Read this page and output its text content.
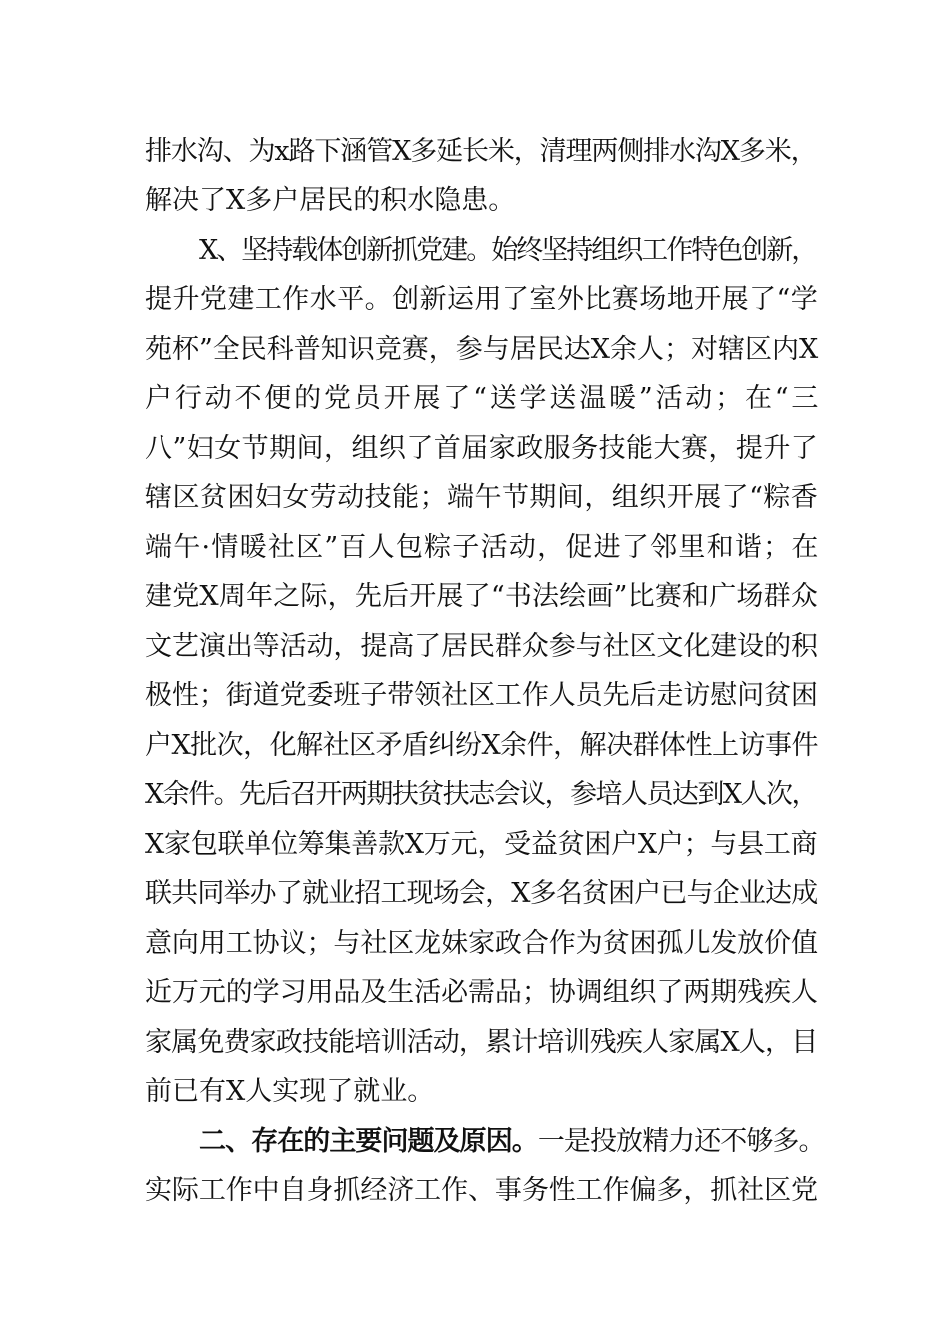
排水沟、为x路下涵管X多延长米，清理两侧排水沟X多米，
解决了X多户居民的积水隐患。
X、坚持载体创新抓党建。始终坚持组织工作特色创新，
提升党建工作水平。创新运用了室外比赛场地开展了“学
苑杯”全民科普知识竞赛，参与居民达X余人；对辖区内X
户行动不便的党员开展了“送学送温暖”活动；在“三
八”妇女节期间，组织了首届家政服务技能大赛，提升了
辖区贫困妇女劳动技能；端午节期间，组织开展了“粽香
端午·情暖社区”百人包粽子活动，促进了邻里和谐；在
建党X周年之际，先后开展了“书法绘画”比赛和广场群众
文艺演出等活动，提高了居民群众参与社区文化建设的积
极性；街道党委班子带领社区工作人员先后走访慰问贫困
户X批次，化解社区矛盾纠纷X余件，解决群体性上访事件
X余件。先后召开两期扶贫扶志会议，参培人员达到X人次，
X家包联单位筹集善款X万元，受益贫困户X户；与县工商
联共同举办了就业招工现场会，X多名贫困户已与企业达成
意向用工协议；与社区龙妹家政合作为贫困孤儿发放价值
近万元的学习用品及生活必需品；协调组织了两期残疾人
家属免费家政技能培训活动，累计培训残疾人家属X人，目
前已有X人实现了就业。
二、存在的主要问题及原因。一是投放精力还不够多。
实际工作中自身抓经济工作、事务性工作偏多，抓社区党
